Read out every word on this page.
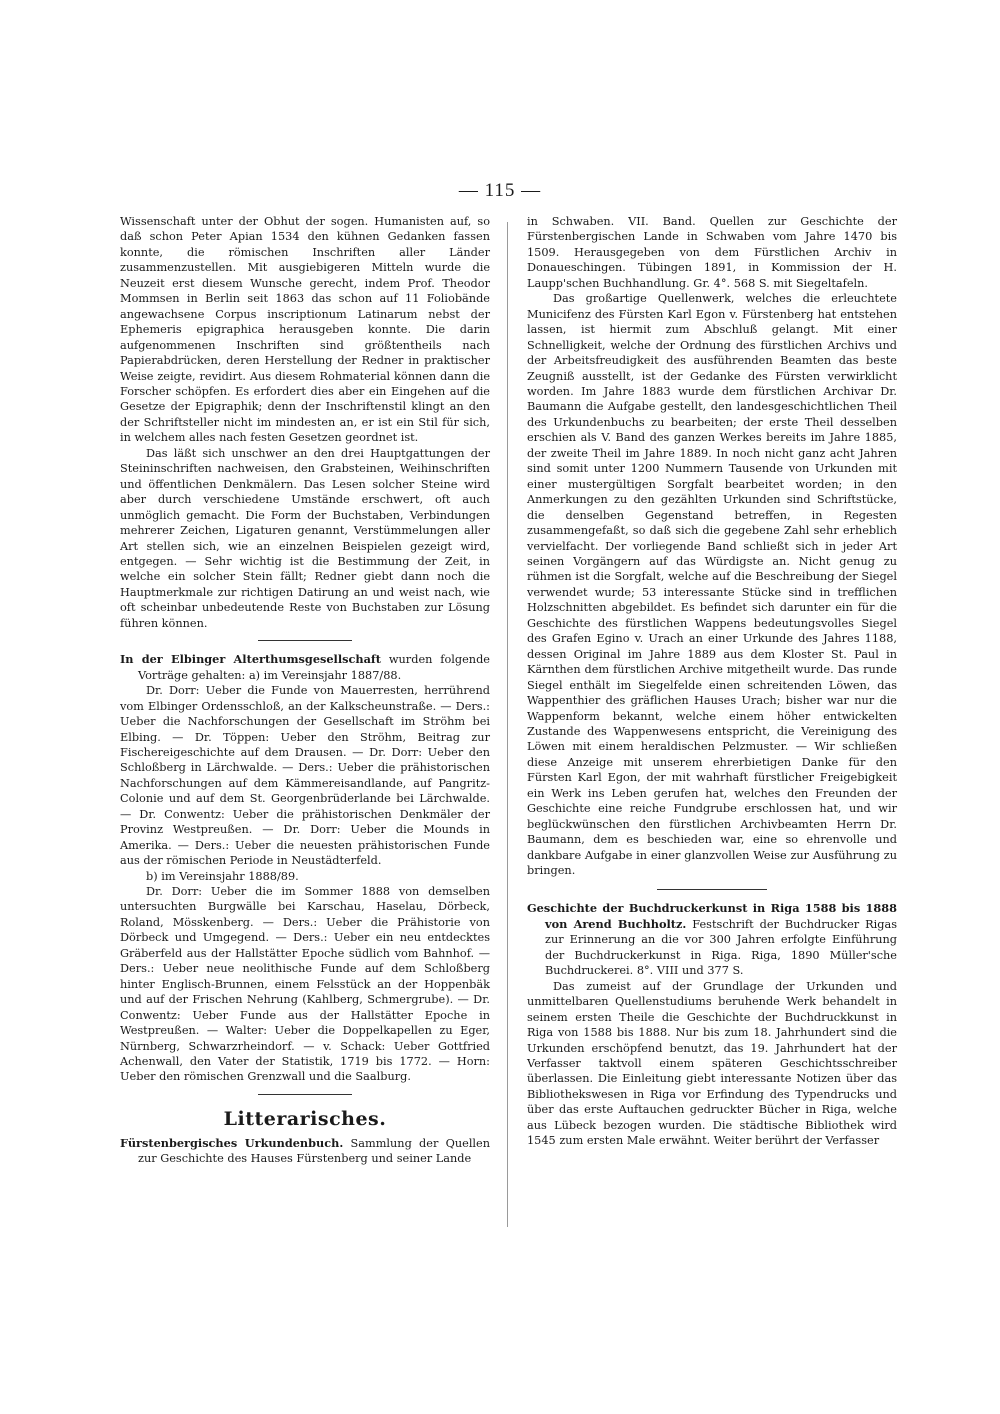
— 115 —

Wissenschaft unter der Obhut der sogen. Humanisten auf, so daß schon Peter Apian 1534 den kühnen Gedanken fassen konnte, die römischen Inschriften aller Länder zusammenzustellen. Mit ausgiebigeren Mitteln wurde die Neuzeit erst diesem Wunsche gerecht, indem Prof. Theodor Mommsen in Berlin seit 1863 das schon auf 11 Foliobände angewachsene Corpus inscriptionum Latinarum nebst der Ephemeris epigraphica herausgeben konnte. Die darin aufgenommenen Inschriften sind größtentheils nach Papierabdrücken, deren Herstellung der Redner in praktischer Weise zeigte, revidirt. Aus diesem Rohmaterial können dann die Forscher schöpfen. Es erfordert dies aber ein Eingehen auf die Gesetze der Epigraphik; denn der Inschriftenstil klingt an den der Schriftsteller nicht im mindesten an, er ist ein Stil für sich, in welchem alles nach festen Gesetzen geordnet ist.

Das läßt sich unschwer an den drei Hauptgattungen der Steininschriften nachweisen, den Grabsteinen, Weihinschriften und öffentlichen Denkmälern. Das Lesen solcher Steine wird aber durch verschiedene Umstände erschwert, oft auch unmöglich gemacht. Die Form der Buchstaben, Verbindungen mehrerer Zeichen, Ligaturen genannt, Verstümmelungen aller Art stellen sich, wie an einzelnen Beispielen gezeigt wird, entgegen. — Sehr wichtig ist die Bestimmung der Zeit, in welche ein solcher Stein fällt; Redner giebt dann noch die Hauptmerkmale zur richtigen Datirung an und weist nach, wie oft scheinbar unbedeutende Reste von Buchstaben zur Lösung führen können.

In der Elbinger Alterthumsgesellschaft wurden folgende Vorträge gehalten: a) im Vereinsjahr 1887/88.

Dr. Dorr: Ueber die Funde von Mauerresten, herrührend vom Elbinger Ordensschloß, an der Kalkscheunstraße. — Ders.: Ueber die Nachforschungen der Gesellschaft im Ströhm bei Elbing. — Dr. Töppen: Ueber den Ströhm, Beitrag zur Fischereigeschichte auf dem Drausen. — Dr. Dorr: Ueber den Schloßberg in Lärchwalde. — Ders.: Ueber die prähistorischen Nachforschungen auf dem Kämmereisandlande, auf Pangritz-Colonie und auf dem St. Georgenbrüderlande bei Lärchwalde. — Dr. Conwentz: Ueber die prähistorischen Denkmäler der Provinz Westpreußen. — Dr. Dorr: Ueber die Mounds in Amerika. — Ders.: Ueber die neuesten prähistorischen Funde aus der römischen Periode in Neustädterfeld.

b) im Vereinsjahr 1888/89.

Dr. Dorr: Ueber die im Sommer 1888 von demselben untersuchten Burgwälle bei Karschau, Haselau, Dörbeck, Roland, Mösskenberg. — Ders.: Ueber die Prähistorie von Dörbeck und Umgegend. — Ders.: Ueber ein neu entdecktes Gräberfeld aus der Hallstätter Epoche südlich vom Bahnhof. — Ders.: Ueber neue neolithische Funde auf dem Schloßberg hinter Englisch-Brunnen, einem Felsstück an der Hoppenbäk und auf der Frischen Nehrung (Kahlberg, Schmergrube). — Dr. Conwentz: Ueber Funde aus der Hallstätter Epoche in Westpreußen. — Walter: Ueber die Doppelkapellen zu Eger, Nürnberg, Schwarzrheindorf. — v. Schack: Ueber Gottfried Achenwall, den Vater der Statistik, 1719 bis 1772. — Horn: Ueber den römischen Grenzwall und die Saalburg.

Litterarisches.

Fürstenbergisches Urkundenbuch. Sammlung der Quellen zur Geschichte des Hauses Fürstenberg und seiner Lande

in Schwaben. VII. Band. Quellen zur Geschichte der Fürstenbergischen Lande in Schwaben vom Jahre 1470 bis 1509. Herausgegeben von dem Fürstlichen Archiv in Donaueschingen. Tübingen 1891, in Kommission der H. Laupp'schen Buchhandlung. Gr. 4°. 568 S. mit Siegeltafeln.

Das großartige Quellenwerk, welches die erleuchtete Municifenz des Fürsten Karl Egon v. Fürstenberg hat entstehen lassen, ist hiermit zum Abschluß gelangt. Mit einer Schnelligkeit, welche der Ordnung des fürstlichen Archivs und der Arbeitsfreudigkeit des ausführenden Beamten das beste Zeugniß ausstellt, ist der Gedanke des Fürsten verwirklicht worden. Im Jahre 1883 wurde dem fürstlichen Archivar Dr. Baumann die Aufgabe gestellt, den landesgeschichtlichen Theil des Urkundenbuchs zu bearbeiten; der erste Theil desselben erschien als V. Band des ganzen Werkes bereits im Jahre 1885, der zweite Theil im Jahre 1889. In noch nicht ganz acht Jahren sind somit unter 1200 Nummern Tausende von Urkunden mit einer mustergültigen Sorgfalt bearbeitet worden; in den Anmerkungen zu den gezählten Urkunden sind Schriftstücke, die denselben Gegenstand betreffen, in Regesten zusammengefaßt, so daß sich die gegebene Zahl sehr erheblich vervielfacht. Der vorliegende Band schließt sich in jeder Art seinen Vorgängern auf das Würdigste an. Nicht genug zu rühmen ist die Sorgfalt, welche auf die Beschreibung der Siegel verwendet wurde; 53 interessante Stücke sind in trefflichen Holzschnitten abgebildet. Es befindet sich darunter ein für die Geschichte des fürstlichen Wappens bedeutungsvolles Siegel des Grafen Egino v. Urach an einer Urkunde des Jahres 1188, dessen Original im Jahre 1889 aus dem Kloster St. Paul in Kärnthen dem fürstlichen Archive mitgetheilt wurde. Das runde Siegel enthält im Siegelfelde einen schreitenden Löwen, das Wappenthier des gräflichen Hauses Urach; bisher war nur die Wappenform bekannt, welche einem höher entwickelten Zustande des Wappenwesens entspricht, die Vereinigung des Löwen mit einem heraldischen Pelzmuster. — Wir schließen diese Anzeige mit unserem ehrerbietigen Danke für den Fürsten Karl Egon, der mit wahrhaft fürstlicher Freigebigkeit ein Werk ins Leben gerufen hat, welches den Freunden der Geschichte eine reiche Fundgrube erschlossen hat, und wir beglückwünschen den fürstlichen Archivbeamten Herrn Dr. Baumann, dem es beschieden war, eine so ehrenvolle und dankbare Aufgabe in einer glanzvollen Weise zur Ausführung zu bringen.

Geschichte der Buchdruckerkunst in Riga 1588 bis 1888 von Arend Buchholtz. Festschrift der Buchdrucker Rigas zur Erinnerung an die vor 300 Jahren erfolgte Einführung der Buchdruckerkunst in Riga. Riga, 1890 Müller'sche Buchdruckerei. 8°. VIII und 377 S.

Das zumeist auf der Grundlage der Urkunden und unmittelbaren Quellenstudiums beruhende Werk behandelt in seinem ersten Theile die Geschichte der Buchdruckkunst in Riga von 1588 bis 1888. Nur bis zum 18. Jahrhundert sind die Urkunden erschöpfend benutzt, das 19. Jahrhundert hat der Verfasser taktvoll einem späteren Geschichtsschreiber überlassen. Die Einleitung giebt interessante Notizen über das Bibliothekswesen in Riga vor Erfindung des Typendrucks und über das erste Auftauchen gedruckter Bücher in Riga, welche aus Lübeck bezogen wurden. Die städtische Bibliothek wird 1545 zum ersten Male erwähnt. Weiter berührt der Verfasser
